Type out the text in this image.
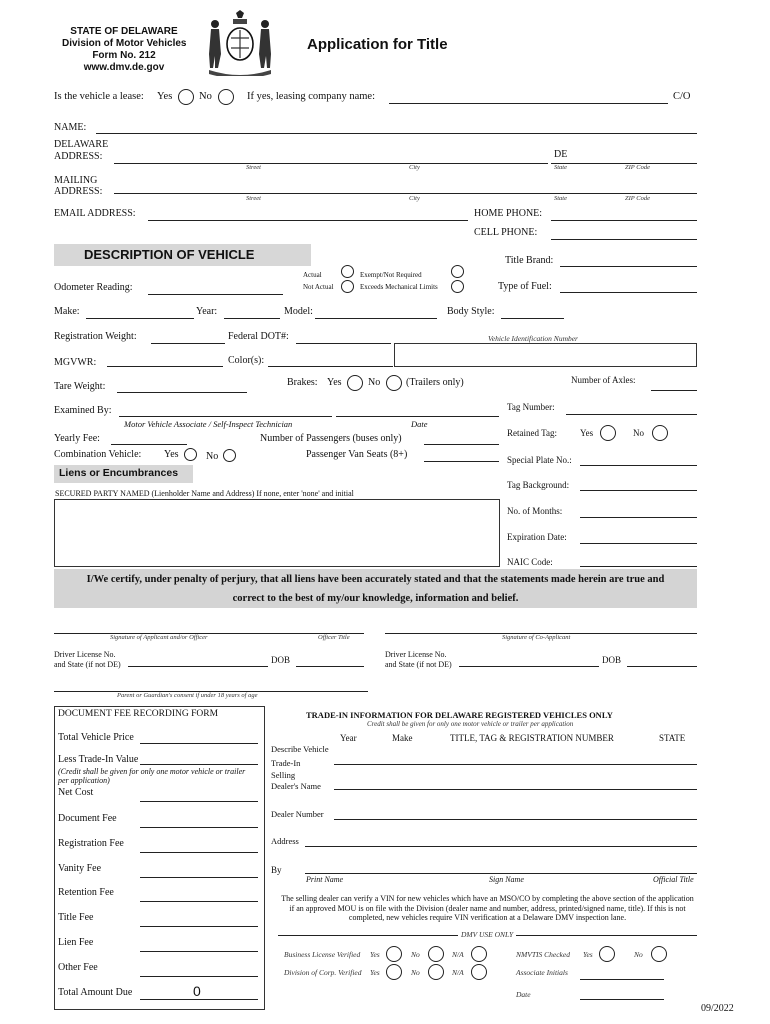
STATE OF DELAWARE
Division of Motor Vehicles
Form No. 212
www.dmv.de.gov
Application for Title
Is the vehicle a lease: Yes	No	If yes, leasing company name:	C/O
NAME:
DELAWARE
ADDRESS:	DE
Street	City	State	ZIP Code
MAILING
ADDRESS:
Street	City	State	ZIP Code
EMAIL ADDRESS:	HOME PHONE:
CELL PHONE:
DESCRIPTION OF VEHICLE	Title Brand:
Odometer Reading:
Actual
Not Actual
Exempt/Not Required
Exceeds Mechanical Limits	Type of Fuel:
Make:	Year:	Model:	Body Style:
Registration Weight:	Federal DOT#:	Vehicle Identification Number
MGVWR:	Color(s):
Tare Weight:	Brakes: Yes	No	(Trailers only)	Number of Axles:
Examined By:
Motor Vehicle Associate / Self-Inspect Technician	Date
Tag Number:
Retained Tag:	Yes	No
Yearly Fee:	Number of Passengers (buses only)
Combination Vehicle: Yes	No	Passenger Van Seats (8+)	Special Plate No.:
Liens or Encumbrances
SECURED PARTY NAMED (Lienholder Name and Address) If none, enter 'none' and initial
Tag Background:
No. of Months:
Expiration Date:
NAIC Code:
I/We certify, under penalty of perjury, that all liens have been accurately stated and that the statements made herein are true and
correct to the best of my/our knowledge, information and belief.
Signature of Applicant and/or Officer	Officer Title	Signature of Co-Applicant
Driver License No.
and State (if not DE)	DOB
Driver License No.
and State (if not DE)	DOB
Parent or Guardian's consent if under 18 years of age
DOCUMENT FEE RECORDING FORM
Total Vehicle Price
Less Trade-In Value
(Credit shall be given for only one motor vehicle or trailer per application)
Net Cost
Document Fee
Registration Fee
Vanity Fee
Retention Fee
Title Fee
Lien Fee
Other Fee
Total Amount Due	0
TRADE-IN INFORMATION FOR DELAWARE REGISTERED VEHICLES ONLY
Credit shall be given for only one motor vehicle or trailer per application
Year	Make	TITLE, TAG & REGISTRATION NUMBER	STATE
Describe Vehicle
Trade-In
Selling
Dealer's Name
Dealer Number
Address
By
Print Name	Sign Name	Official Title
The selling dealer can verify a VIN for new vehicles which have an MSO/CO by completing the above section of the application if an approved MOU is on file with the Division (dealer name and number, address, printed/signed name, title). If this is not completed, new vehicles require VIN verification at a Delaware DMV inspection lane.
DMV USE ONLY
Business License Verified Yes	No	N/A	NMVTIS Checked Yes	No
Division of Corp. Verified Yes	No	N/A	Associate Initials
Date
09/2022
